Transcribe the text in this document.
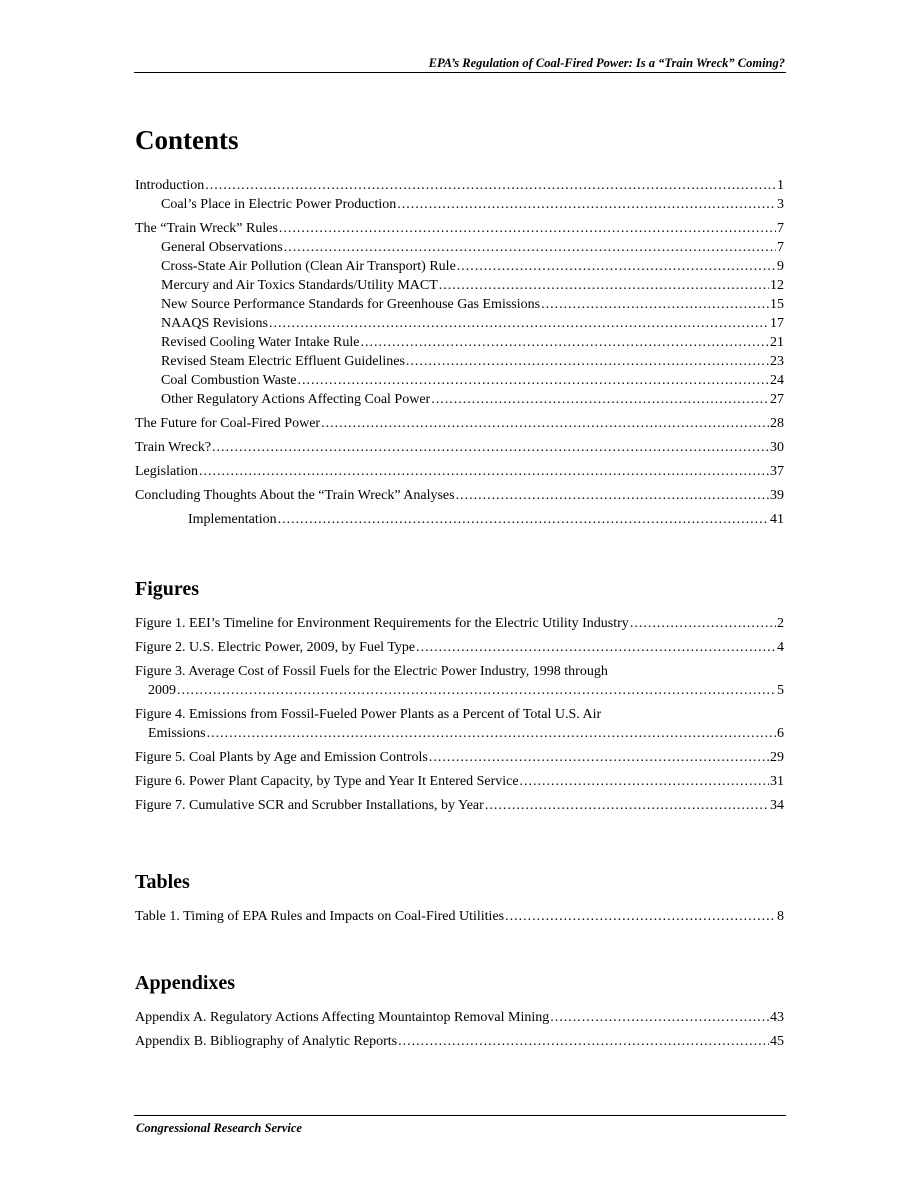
EPA’s Regulation of Coal-Fired Power: Is a “Train Wreck” Coming?
Contents
Introduction .....	1
Coal’s Place in Electric Power Production .....	3
The “Train Wreck” Rules .....	7
General Observations .....	7
Cross-State Air Pollution (Clean Air Transport) Rule .....	9
Mercury and Air Toxics Standards/Utility MACT .....	12
New Source Performance Standards for Greenhouse Gas Emissions .....	15
NAAQS Revisions .....	17
Revised Cooling Water Intake Rule .....	21
Revised Steam Electric Effluent Guidelines .....	23
Coal Combustion Waste .....	24
Other Regulatory Actions Affecting Coal Power .....	27
The Future for Coal-Fired Power .....	28
Train Wreck? .....	30
Legislation .....	37
Concluding Thoughts About the “Train Wreck” Analyses .....	39
Implementation .....	41
Figures
Figure 1. EEI’s Timeline for Environment Requirements for the Electric Utility Industry .....	2
Figure 2. U.S. Electric Power, 2009, by Fuel Type .....	4
Figure 3. Average Cost of Fossil Fuels for the Electric Power Industry, 1998 through
2009 .....	5
Figure 4. Emissions from Fossil-Fueled Power Plants as a Percent of Total U.S. Air
Emissions .....	6
Figure 5. Coal Plants by Age and Emission Controls .....	29
Figure 6. Power Plant Capacity, by Type and Year It Entered Service .....	31
Figure 7. Cumulative SCR and Scrubber Installations, by Year .....	34
Tables
Table 1. Timing of EPA Rules and Impacts on Coal-Fired Utilities .....	8
Appendixes
Appendix A. Regulatory Actions Affecting Mountaintop Removal Mining .....	43
Appendix B. Bibliography of Analytic Reports .....	45
Congressional Research Service
